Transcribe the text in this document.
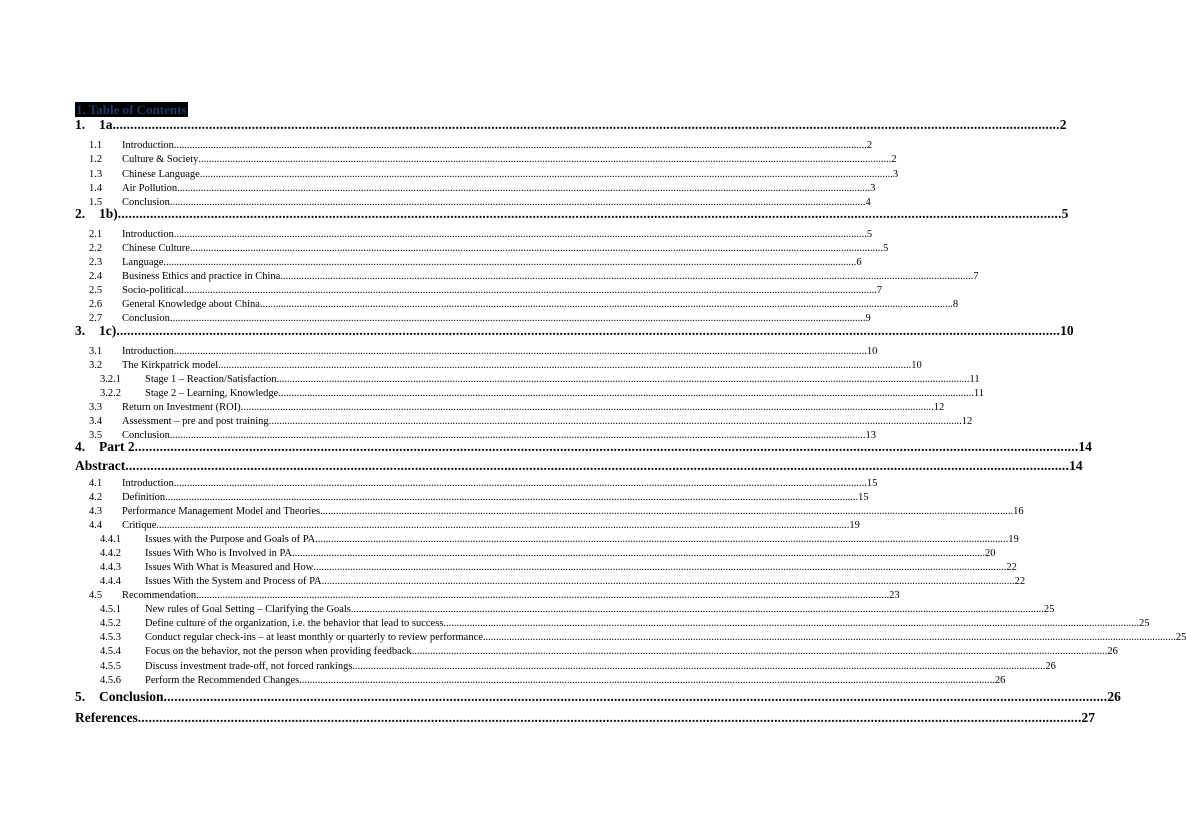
1. Table of Contents
1.	1a. .....	2
1.1	Introduction .....	2
1.2	Culture & Society .....	2
1.3	Chinese Language .....	3
1.4	Air Pollution .....	3
1.5	Conclusion. .....	4
2.	1b) .....	5
2.1	Introduction .....	5
2.2	Chinese Culture .....	5
2.3	Language .....	6
2.4	Business Ethics and practice in China .....	7
2.5	Socio-political .....	7
2.6	General Knowledge about China .....	8
2.7	Conclusion. .....	9
3.	1c) .....	10
3.1	Introduction .....	10
3.2	The Kirkpatrick model .....	10
3.2.1	Stage 1 – Reaction/Satisfaction .....	11
3.2.2	Stage 2 – Learning, Knowledge. .....	11
3.3	Return on Investment (ROI) .....	12
3.4	Assessment – pre and post training .....	12
3.5	Conclusion. .....	13
4.	Part 2 .....	14
Abstract .....	14
4.1	Introduction .....	15
4.2	Definition .....	15
4.3	Performance Management Model and Theories .....	16
4.4	Critique .....	19
4.4.1	Issues with the Purpose and Goals of PA .....	19
4.4.2	Issues With Who is Involved in PA .....	20
4.4.3	Issues With What is Measured and How .....	22
4.4.4	Issues With the System and Process of PA .....	22
4.5	Recommendation .....	23
4.5.1	New rules of Goal Setting – Clarifying the Goals .....	25
4.5.2	Define culture of the organization, i.e. the behavior that lead to success. .....	25
4.5.3	Conduct regular check-ins – at least monthly or quarterly to review performance .....	25
4.5.4	Focus on the behavior, not the person when providing feedback. .....	26
4.5.5	Discuss investment trade-off, not forced rankings .....	26
4.5.6	Perform the Recommended Changes. .....	26
5.	Conclusion .....	26
References .....	27
